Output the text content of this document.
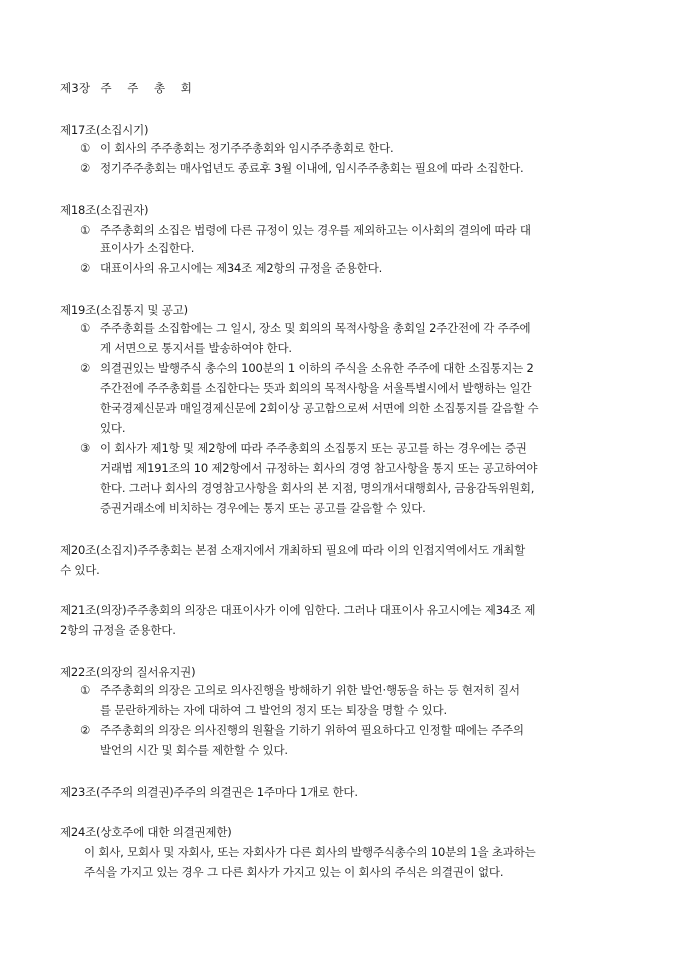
제3장 주 주 총 회
제17조(소집시기)
① 이 회사의 주주총회는 정기주주총회와 임시주주총회로 한다.
② 정기주주총회는 매사업년도 종료후 3월 이내에, 임시주주총회는 필요에 따라 소집한다.
제18조(소집권자)
① 주주총회의 소집은 법령에 다른 규정이 있는 경우를 제외하고는 이사회의 결의에 따라 대
표이사가 소집한다.
② 대표이사의 유고시에는 제34조 제2항의 규정을 준용한다.
제19조(소집통지 및 공고)
① 주주총회를 소집함에는 그 일시, 장소 및 회의의 목적사항을 총회일 2주간전에 각 주주에
게 서면으로 통지서를 발송하여야 한다.
② 의결권있는 발행주식 총수의 100분의 1 이하의 주식을 소유한 주주에 대한 소집통지는 2
주간전에 주주총회를 소집한다는 뜻과 회의의 목적사항을 서울특별시에서 발행하는 일간
한국경제신문과 매일경제신문에 2회이상 공고함으로써 서면에 의한 소집통지를 갈음할 수
있다.
③ 이 회사가 제1항 및 제2항에 따라 주주총회의 소집통지 또는 공고를 하는 경우에는 증권
거래법 제191조의 10 제2항에서 규정하는 회사의 경영 참고사항을 통지 또는 공고하여야
한다. 그러나 회사의 경영참고사항을 회사의 본 지점, 명의개서대행회사, 금융감독위원회,
증권거래소에 비치하는 경우에는 통지 또는 공고를 갈음할 수 있다.
제20조(소집지)주주총회는 본점 소재지에서 개최하되 필요에 따라 이의 인접지역에서도 개최할
수 있다.
제21조(의장)주주총회의 의장은 대표이사가 이에 임한다. 그러나 대표이사 유고시에는 제34조 제
2항의 규정을 준용한다.
제22조(의장의 질서유지권)
① 주주총회의 의장은 고의로 의사진행을 방해하기 위한 발언·행동을 하는 등 현저히 질서
를 문란하게하는 자에 대하여 그 발언의 정지 또는 퇴장을 명할 수 있다.
② 주주총회의 의장은 의사진행의 원활을 기하기 위하여 필요하다고 인정할 때에는 주주의
발언의 시간 및 회수를 제한할 수 있다.
제23조(주주의 의결권)주주의 의결권은 1주마다 1개로 한다.
제24조(상호주에 대한 의결권제한)
이 회사, 모회사 및 자회사, 또는 자회사가 다른 회사의 발행주식총수의 10분의 1을 초과하는
주식을 가지고 있는 경우 그 다른 회사가 가지고 있는 이 회사의 주식은 의결권이 없다.
